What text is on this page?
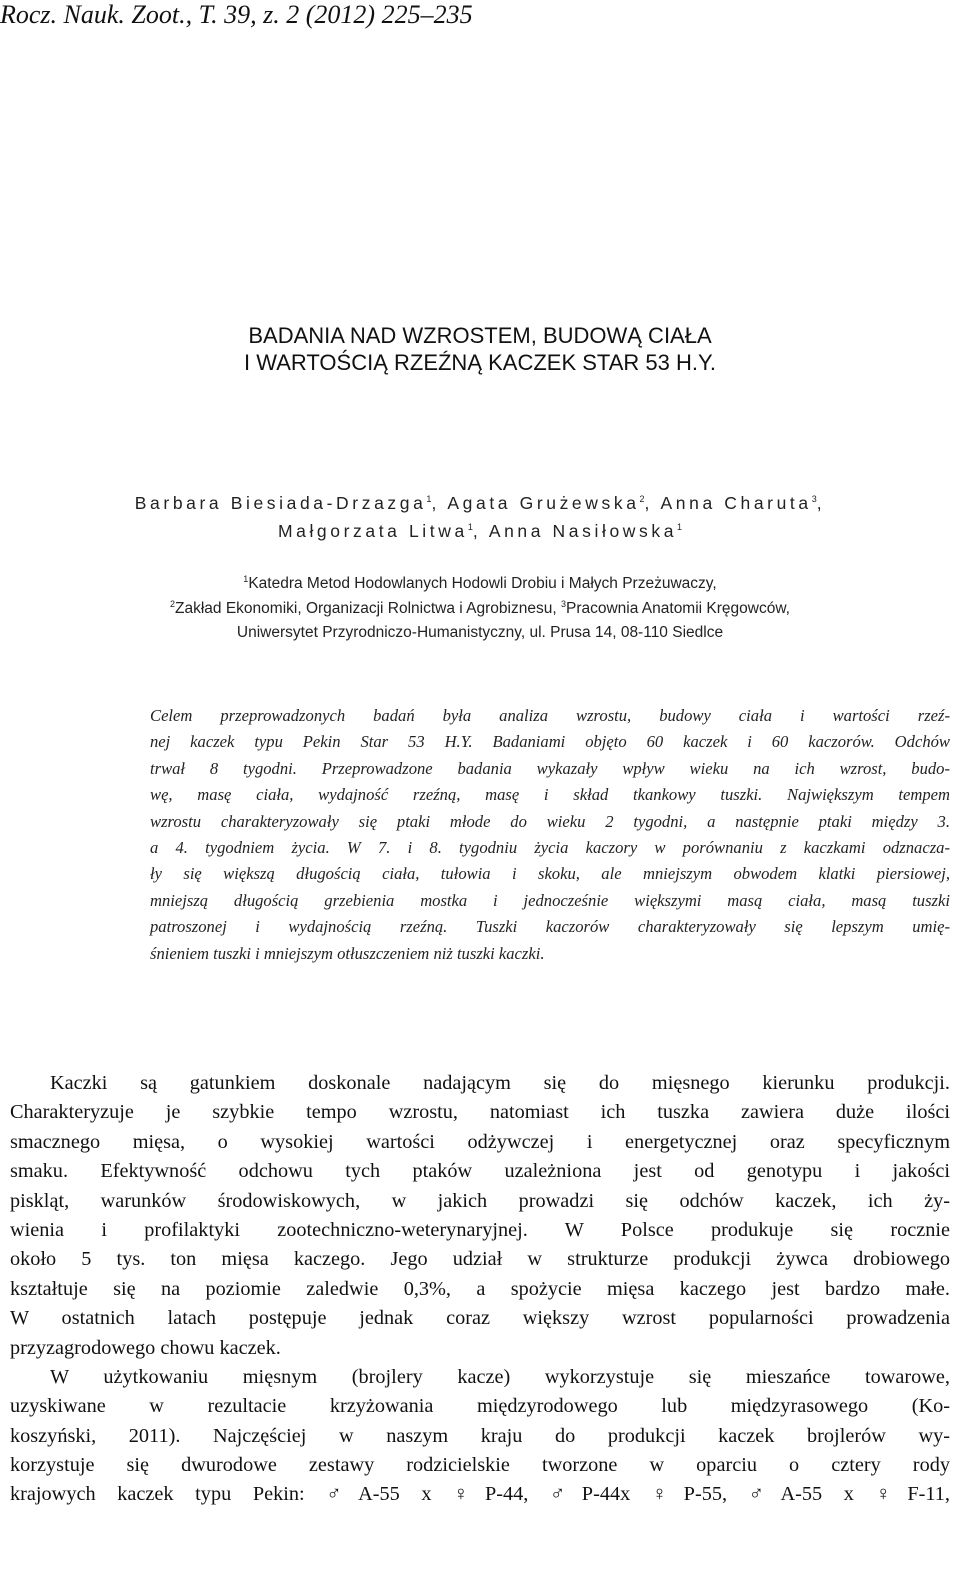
Rocz. Nauk. Zoot., T. 39, z. 2 (2012) 225–235
BADANIA NAD WZROSTEM, BUDOWĄ CIAŁA
I WARTOŚCIĄ RZEŹNĄ KACZEK STAR 53 H.Y.
Barbara Biesiada-Drzazga$^1$, Agata Grużewska$^2$, Anna Charuta$^3$,
Małgorzata Litwa$^1$, Anna Nasiłowska$^1$
$^1$Katedra Metod Hodowlanych Hodowli Drobiu i Małych Przeżuwaczy,
$^2$Zakład Ekonomiki, Organizacji Rolnictwa i Agrobiznesu, $^3$Pracownia Anatomii Kręgowców,
Uniwersytet Przyrodniczo-Humanistyczny, ul. Prusa 14, 08-110 Siedlce
Celem przeprowadzonych badań była analiza wzrostu, budowy ciała i wartości rzeź-
nej kaczek typu Pekin Star 53 H.Y. Badaniami objęto 60 kaczek i 60 kaczorów. Odchów
trwał 8 tygodni. Przeprowadzone badania wykazały wpływ wieku na ich wzrost, budo-
wę, masę ciała, wydajność rzeźną, masę i skład tkankowy tuszki. Największym tempem
wzrostu charakteryzowały się ptaki młode do wieku 2 tygodni, a następnie ptaki między 3.
a 4. tygodniem życia. W 7. i 8. tygodniu życia kaczory w porównaniu z kaczkami odznacza-
ły się większą długością ciała, tułowia i skoku, ale mniejszym obwodem klatki piersiowej,
mniejszą długością grzebienia mostka i jednocześnie większymi masą ciała, masą tuszki
patroszonej i wydajnością rzeźną. Tuszki kaczorów charakteryzowały się lepszym umię-
śnieniem tuszki i mniejszym otłuszczeniem niż tuszki kaczki.
Kaczki są gatunkiem doskonale nadającym się do mięsnego kierunku produkcji.
Charakteryzuje je szybkie tempo wzrostu, natomiast ich tuszka zawiera duże ilości
smacznego mięsa, o wysokiej wartości odżywczej i energetycznej oraz specyficznym
smaku. Efektywność odchowu tych ptaków uzależniona jest od genotypu i jakości
piskląt, warunków środowiskowych, w jakich prowadzi się odchów kaczek, ich ży-
wienia i profilaktyki zootechniczno-weterynaryjnej. W Polsce produkuje się rocznie
około 5 tys. ton mięsa kaczego. Jego udział w strukturze produkcji żywca drobiowego
kształtuje się na poziomie zaledwie 0,3%, a spożycie mięsa kaczego jest bardzo małe.
W ostatnich latach postępuje jednak coraz większy wzrost popularności prowadzenia
przyzagrodowego chowu kaczek.
W użytkowaniu mięsnym (brojlery kacze) wykorzystuje się mieszańce towarowe,
uzyskiwane w rezultacie krzyżowania międzyrodowego lub międzyrasowego (Ko-
koszyński, 2011). Najczęściej w naszym kraju do produkcji kaczek brojlerów wy-
korzystuje się dwurodowe zestawy rodzicielskie tworzone w oparciu o cztery rody
krajowych kaczek typu Pekin: ♂A-55 x ♀P-44, ♂P-44x ♀P-55, ♂A-55 x ♀F-11,
